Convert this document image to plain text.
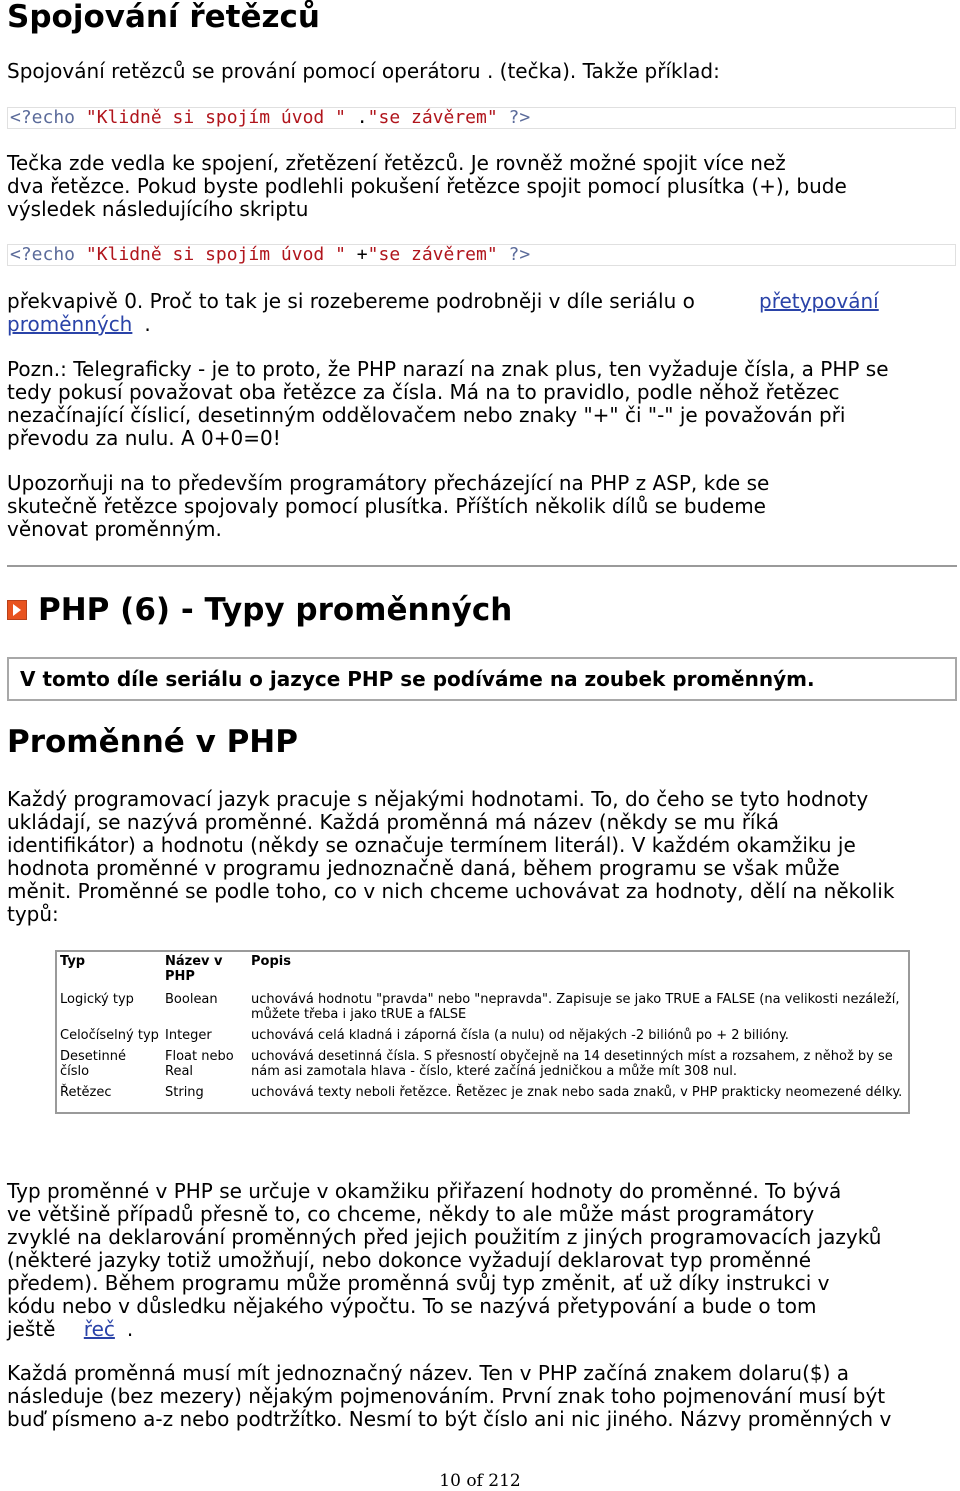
Spojování řetězců

Spojování retězců se prování pomocí operátoru . (tečka). Takže příklad:

<?echo "Klidně si spojím úvod " ."se závěrem" ?>
Tečka zde vedla ke spojení, zřetězení řetězců. Je rovněž možné spojit více než
dva řetězce. Pokud byste podlehli pokušení řetězce spojit pomocí plusítka (+), bude
výsledek následujícího skriptu
<?echo "Klidně si spojím úvod " +"se závěrem" ?>
překvapivě 0. Proč to tak je si rozebereme podrobněji v díle seriálu o	přetypování
proměnných .
Pozn.: Telegraficky - je to proto, že PHP narazí na znak plus, ten vyžaduje čísla, a PHP se
tedy pokusí považovat oba řetězce za čísla. Má na to pravidlo, podle něhož řetězec
nezačínající číslicí, desetinným oddělovačem nebo znaky "+" či "-" je považován při
převodu za nulu. A 0+0=0!
Upozorňuji na to především programátory přecházející na PHP z ASP, kde se
skutečně řetězce spojovaly pomocí plusítka. Příštích několik dílů se budeme
věnovat proměnným.
PHP (6) - Typy proměnných
V tomto díle seriálu o jazyce PHP se podíváme na zoubek proměnným.
Proměnné v PHP
Každý programovací jazyk pracuje s nějakými hodnotami. To, do čeho se tyto hodnoty
ukládají, se nazývá proměnné. Každá proměnná má název (někdy se mu říká
identifikátor) a hodnotu (někdy se označuje termínem literál). V každém okamžiku je
hodnota proměnné v programu jednoznačně daná, během programu se však může
měnit. Proměnné se podle toho, co v nich chceme uchovávat za hodnoty, dělí na několik
typů:
Typ	Název v PHP	Popis
Logický typ	Boolean	uchovává hodnotu "pravda" nebo "nepravda". Zapisuje se jako TRUE a FALSE (na velikosti nezáleží, můžete třeba i jako tRUE a fALSE
Celočíselný typ	Integer	uchovává celá kladná i záporná čísla (a nulu) od nějakých -2 biliónů po + 2 bilióny.
Desetinné číslo	Float nebo Real	uchovává desetinná čísla. S přesností obyčejně na 14 desetinných míst a rozsahem, z něhož by se nám asi zamotala hlava - číslo, které začíná jedničkou a může mít 308 nul.
Řetězec	String	uchovává texty neboli řetězce. Řetězec je znak nebo sada znaků, v PHP prakticky neomezené délky.
Typ proměnné v PHP se určuje v okamžiku přiřazení hodnoty do proměnné. To bývá
ve většině případů přesně to, co chceme, někdy to ale může mást programátory
zvyklé na deklarování proměnných před jejich použitím z jiných programovacích jazyků
(některé jazyky totiž umožňují, nebo dokonce vyžadují deklarovat typ proměnné
předem). Během programu může proměnná svůj typ změnit, ať už díky instrukci v
kódu nebo v důsledku nějakého výpočtu. To se nazývá přetypování a bude o tom
ještě řeč .
Každá proměnná musí mít jednoznačný název. Ten v PHP začíná znakem dolaru($) a
následuje (bez mezery) nějakým pojmenováním. První znak toho pojmenování musí být
buď písmeno a-z nebo podtržítko. Nesmí to být číslo ani nic jiného. Názvy proměnných v
10 of 212
